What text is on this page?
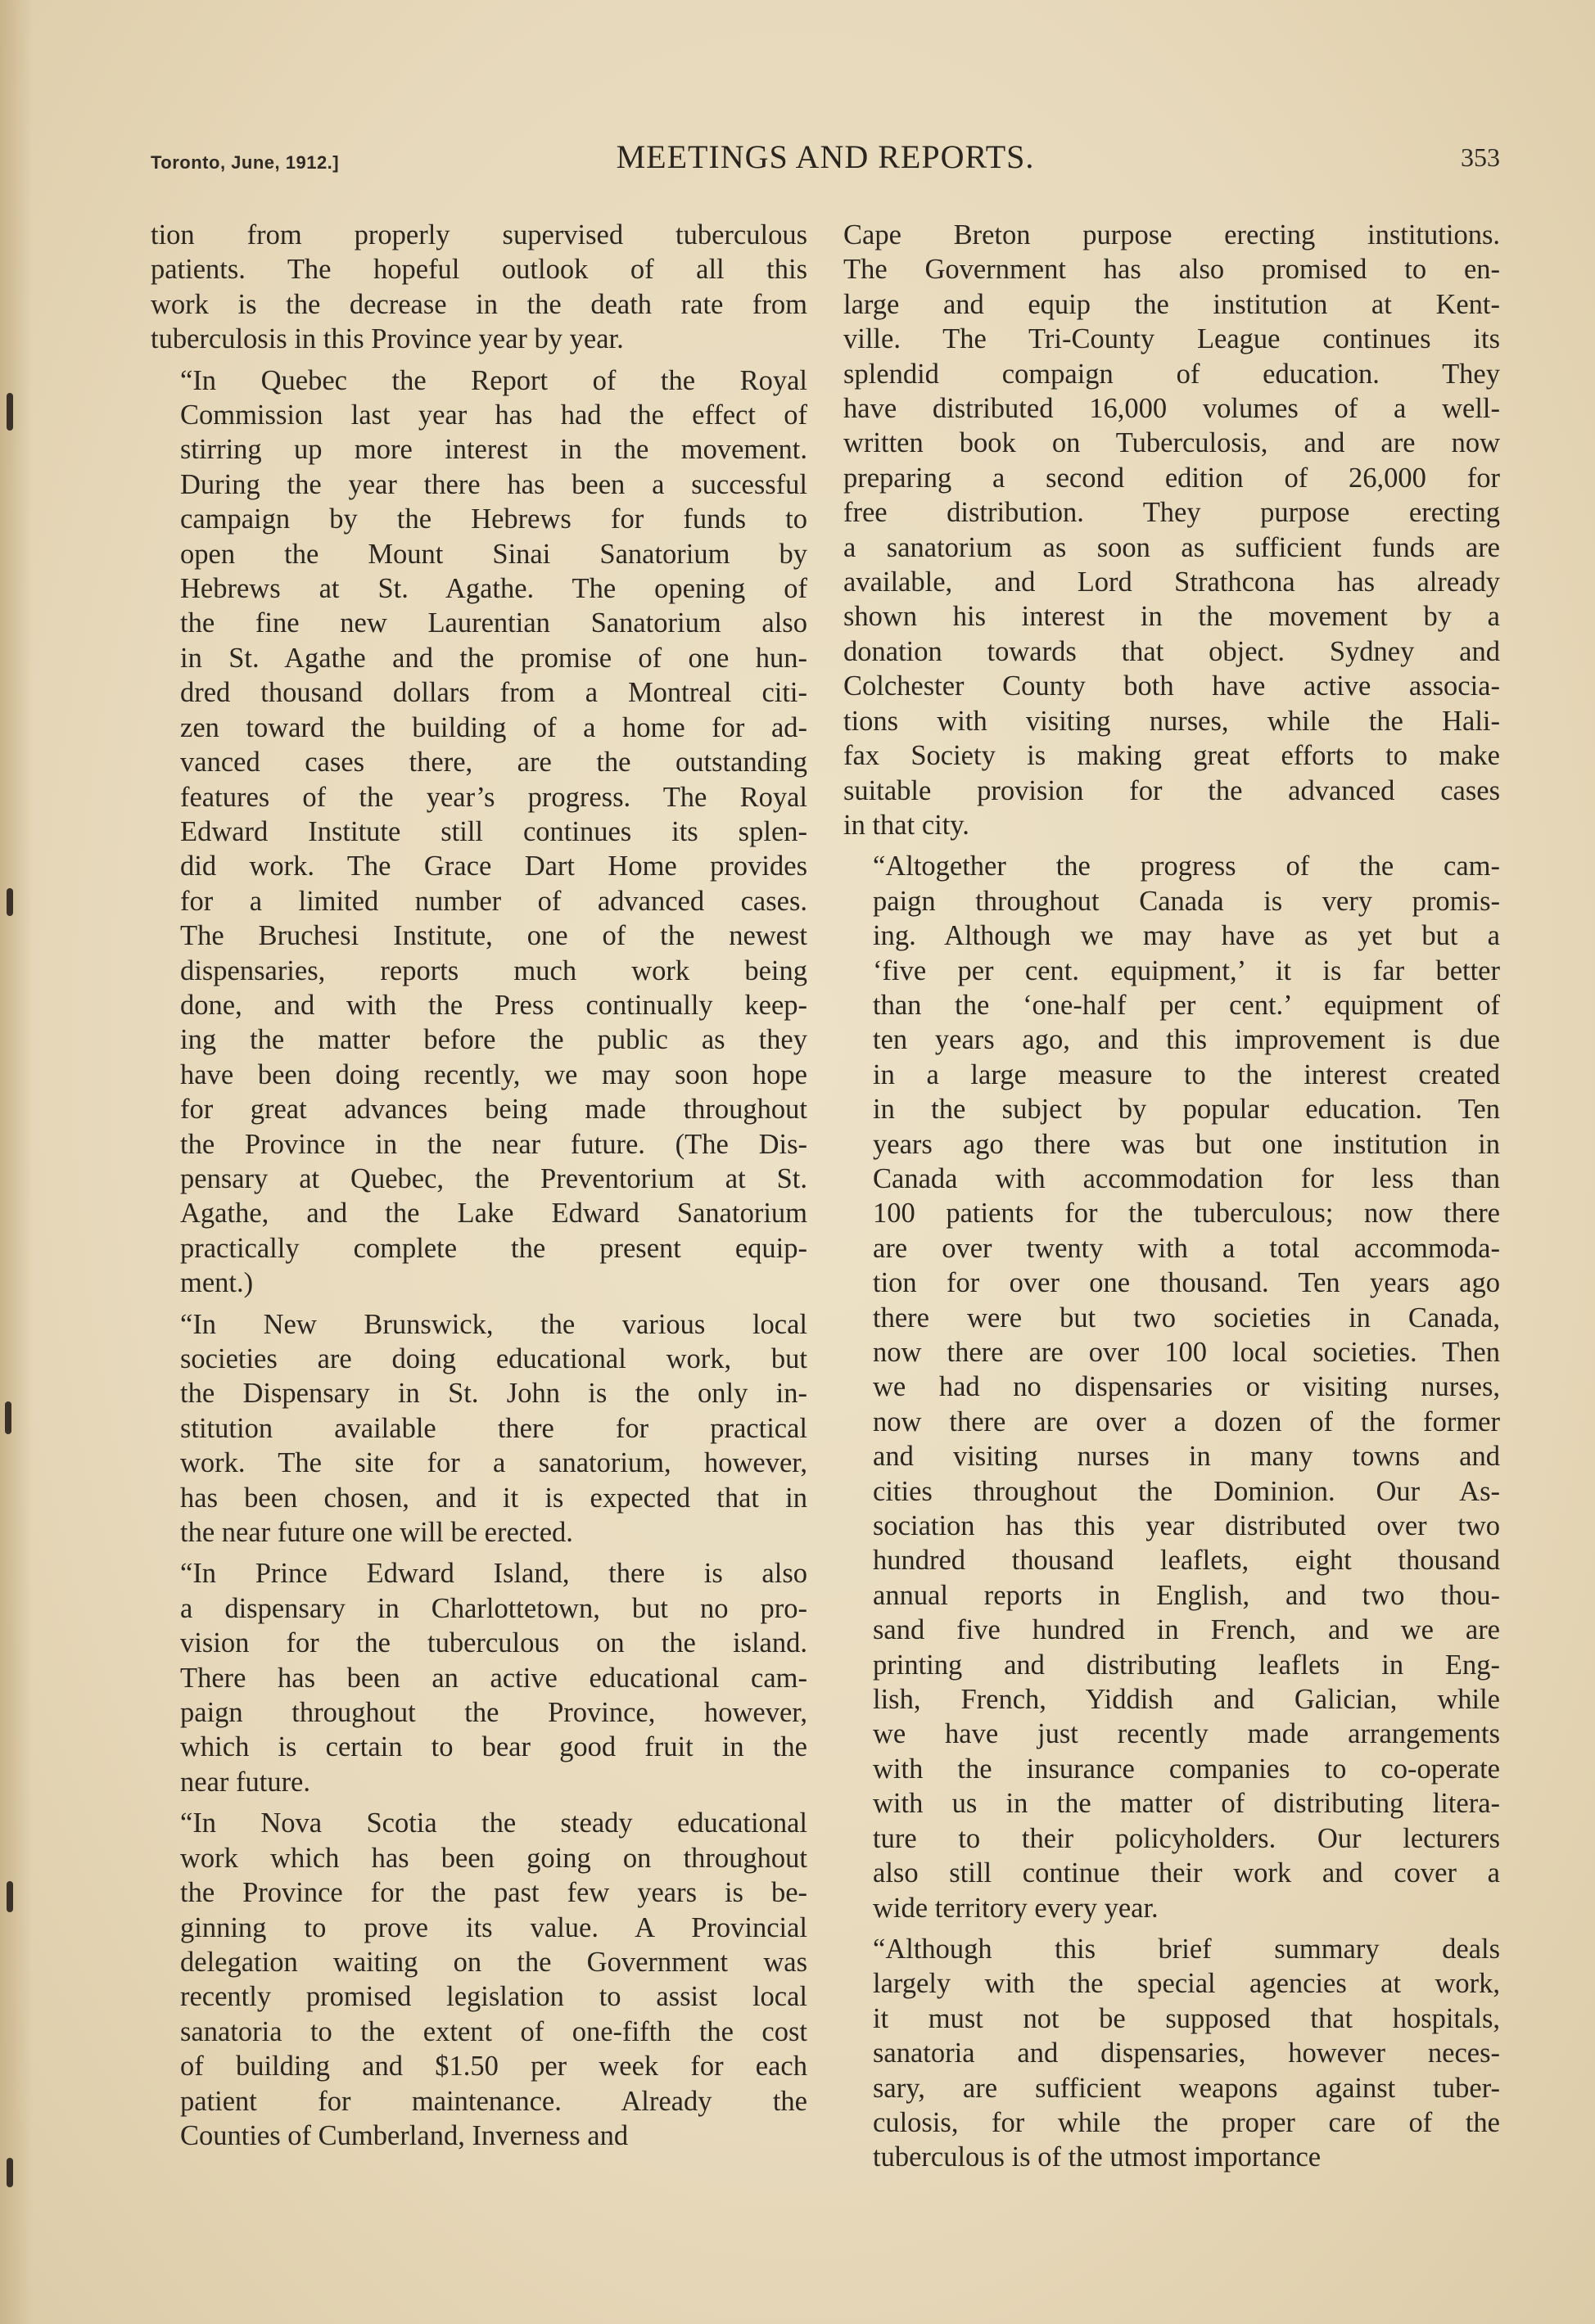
Toronto, June, 1912.]	MEETINGS AND REPORTS.	353

tion from properly supervised tuberculous
patients. The hopeful outlook of all this
work is the decrease in the death rate from
tuberculosis in this Province year by year.

“In Quebec the Report of the Royal
Commission last year has had the effect of
stirring up more interest in the movement.
During the year there has been a successful
campaign by the Hebrews for funds to
open the Mount Sinai Sanatorium by
Hebrews at St. Agathe. The opening of
the fine new Laurentian Sanatorium also
in St. Agathe and the promise of one hun-
dred thousand dollars from a Montreal citi-
zen toward the building of a home for ad-
vanced cases there, are the outstanding
features of the year’s progress. The Royal
Edward Institute still continues its splen-
did work. The Grace Dart Home provides
for a limited number of advanced cases.
The Bruchesi Institute, one of the newest
dispensaries, reports much work being
done, and with the Press continually keep-
ing the matter before the public as they
have been doing recently, we may soon hope
for great advances being made throughout
the Province in the near future. (The Dis-
pensary at Quebec, the Preventorium at St.
Agathe, and the Lake Edward Sanatorium
practically complete the present equip-
ment.)

“In New Brunswick, the various local
societies are doing educational work, but
the Dispensary in St. John is the only in-
stitution available there for practical
work. The site for a sanatorium, however,
has been chosen, and it is expected that in
the near future one will be erected.

“In Prince Edward Island, there is also
a dispensary in Charlottetown, but no pro-
vision for the tuberculous on the island.
There has been an active educational cam-
paign throughout the Province, however,
which is certain to bear good fruit in the
near future.

“In Nova Scotia the steady educational
work which has been going on throughout
the Province for the past few years is be-
ginning to prove its value. A Provincial
delegation waiting on the Government was
recently promised legislation to assist local
sanatoria to the extent of one-fifth the cost
of building and $1.50 per week for each
patient for maintenance. Already the
Counties of Cumberland, Inverness and

Cape Breton purpose erecting institutions.
The Government has also promised to en-
large and equip the institution at Kent-
ville. The Tri-County League continues its
splendid compaign of education. They
have distributed 16,000 volumes of a well-
written book on Tuberculosis, and are now
preparing a second edition of 26,000 for
free distribution. They purpose erecting
a sanatorium as soon as sufficient funds are
available, and Lord Strathcona has already
shown his interest in the movement by a
donation towards that object. Sydney and
Colchester County both have active associa-
tions with visiting nurses, while the Hali-
fax Society is making great efforts to make
suitable provision for the advanced cases
in that city.

“Altogether the progress of the cam-
paign throughout Canada is very promis-
ing. Although we may have as yet but a
‘five per cent. equipment,’ it is far better
than the ‘one-half per cent.’ equipment of
ten years ago, and this improvement is due
in a large measure to the interest created
in the subject by popular education. Ten
years ago there was but one institution in
Canada with accommodation for less than
100 patients for the tuberculous; now there
are over twenty with a total accommoda-
tion for over one thousand. Ten years ago
there were but two societies in Canada,
now there are over 100 local societies. Then
we had no dispensaries or visiting nurses,
now there are over a dozen of the former
and visiting nurses in many towns and
cities throughout the Dominion. Our As-
sociation has this year distributed over two
hundred thousand leaflets, eight thousand
annual reports in English, and two thou-
sand five hundred in French, and we are
printing and distributing leaflets in Eng-
lish, French, Yiddish and Galician, while
we have just recently made arrangements
with the insurance companies to co-operate
with us in the matter of distributing litera-
ture to their policyholders. Our lecturers
also still continue their work and cover a
wide territory every year.

“Although this brief summary deals
largely with the special agencies at work,
it must not be supposed that hospitals,
sanatoria and dispensaries, however neces-
sary, are sufficient weapons against tuber-
culosis, for while the proper care of the
tuberculous is of the utmost importance
